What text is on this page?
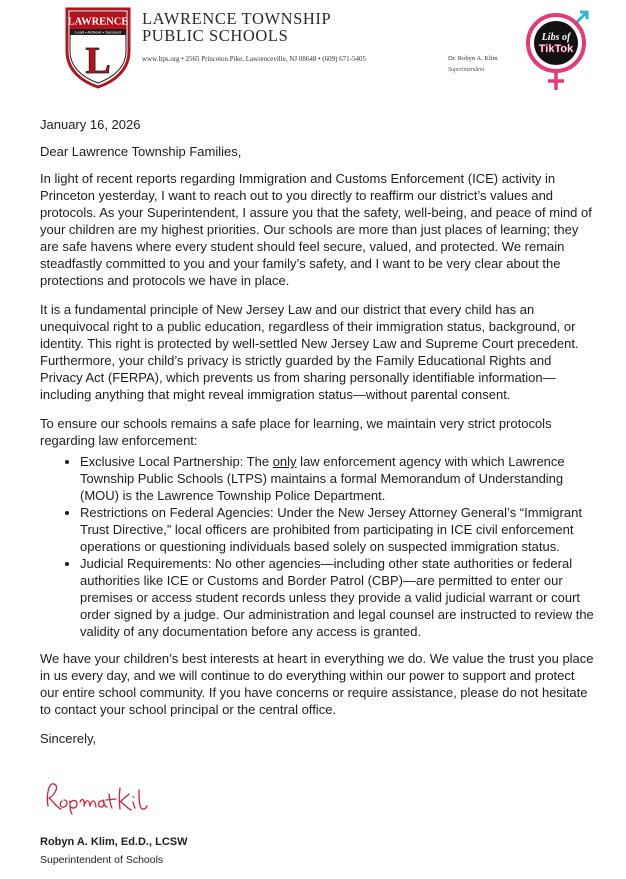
LAWRENCE
Lead • Achieve • Succeed
L
LAWRENCE TOWNSHIP
PUBLIC SCHOOLS
www.ltps.org • 2565 Princeton Pike, Lawrenceville, NJ 08648 • (609) 671-5405	Dr. Robyn A. Klim
Superintendent
Libs of
TikTok

January 16, 2026

Dear Lawrence Township Families,

In light of recent reports regarding Immigration and Customs Enforcement (ICE) activity in Princeton yesterday, I want to reach out to you directly to reaffirm our district’s values and protocols. As your Superintendent, I assure you that the safety, well-being, and peace of mind of your children are my highest priorities. Our schools are more than just places of learning; they are safe havens where every student should feel secure, valued, and protected. We remain steadfastly committed to you and your family’s safety, and I want to be very clear about the protections and protocols we have in place.

It is a fundamental principle of New Jersey Law and our district that every child has an unequivocal right to a public education, regardless of their immigration status, background, or identity. This right is protected by well-settled New Jersey Law and Supreme Court precedent. Furthermore, your child’s privacy is strictly guarded by the Family Educational Rights and Privacy Act (FERPA), which prevents us from sharing personally identifiable information—including anything that might reveal immigration status—without parental consent.

To ensure our schools remains a safe place for learning, we maintain very strict protocols regarding law enforcement:

• Exclusive Local Partnership: The only law enforcement agency with which Lawrence Township Public Schools (LTPS) maintains a formal Memorandum of Understanding (MOU) is the Lawrence Township Police Department.
• Restrictions on Federal Agencies: Under the New Jersey Attorney General’s “Immigrant Trust Directive,” local officers are prohibited from participating in ICE civil enforcement operations or questioning individuals based solely on suspected immigration status.
• Judicial Requirements: No other agencies—including other state authorities or federal authorities like ICE or Customs and Border Patrol (CBP)—are permitted to enter our premises or access student records unless they provide a valid judicial warrant or court order signed by a judge. Our administration and legal counsel are instructed to review the validity of any documentation before any access is granted.

We have your children’s best interests at heart in everything we do. We value the trust you place in us every day, and we will continue to do everything within our power to support and protect our entire school community. If you have concerns or require assistance, please do not hesitate to contact your school principal or the central office.

Sincerely,

Robyn A. Klim, Ed.D., LCSW
Superintendent of Schools
